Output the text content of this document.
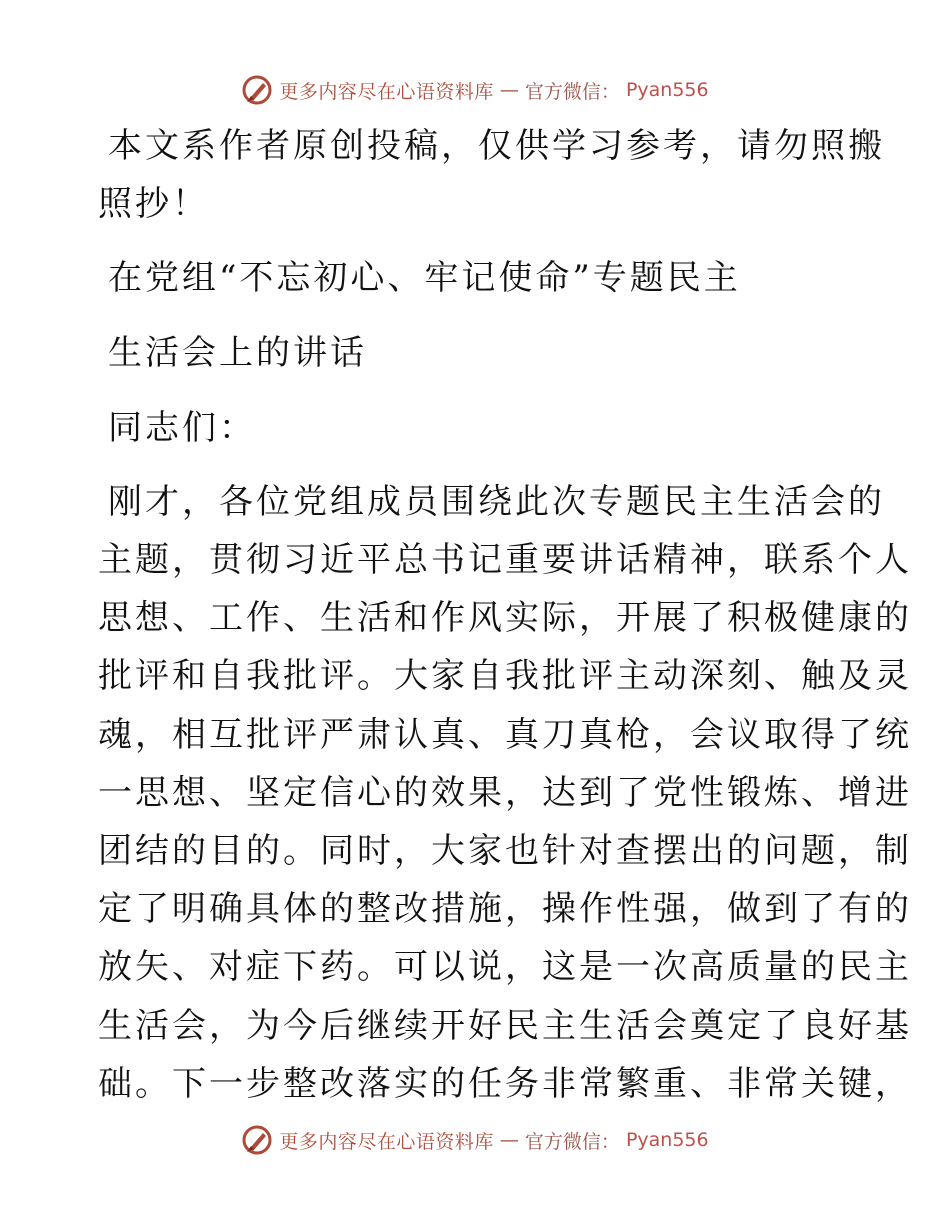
更多内容尽在心语资料库 — 官方微信： Pyan556
本文系作者原创投稿，仅供学习参考，请勿照搬
照抄！
在党组“不忘初心、牢记使命”专题民主
生活会上的讲话
同志们：
刚才，各位党组成员围绕此次专题民主生活会的
主题，贯彻习近平总书记重要讲话精神，联系个人
思想、工作、生活和作风实际，开展了积极健康的
批评和自我批评。大家自我批评主动深刻、触及灵
魂，相互批评严肃认真、真刀真枪，会议取得了统
一思想、坚定信心的效果，达到了党性锻炼、增进
团结的目的。同时，大家也针对查摆出的问题，制
定了明确具体的整改措施，操作性强，做到了有的
放矢、对症下药。可以说，这是一次高质量的民主
生活会，为今后继续开好民主生活会奠定了良好基
础。下一步整改落实的任务非常繁重、非常关键，
更多内容尽在心语资料库 — 官方微信： Pyan556
